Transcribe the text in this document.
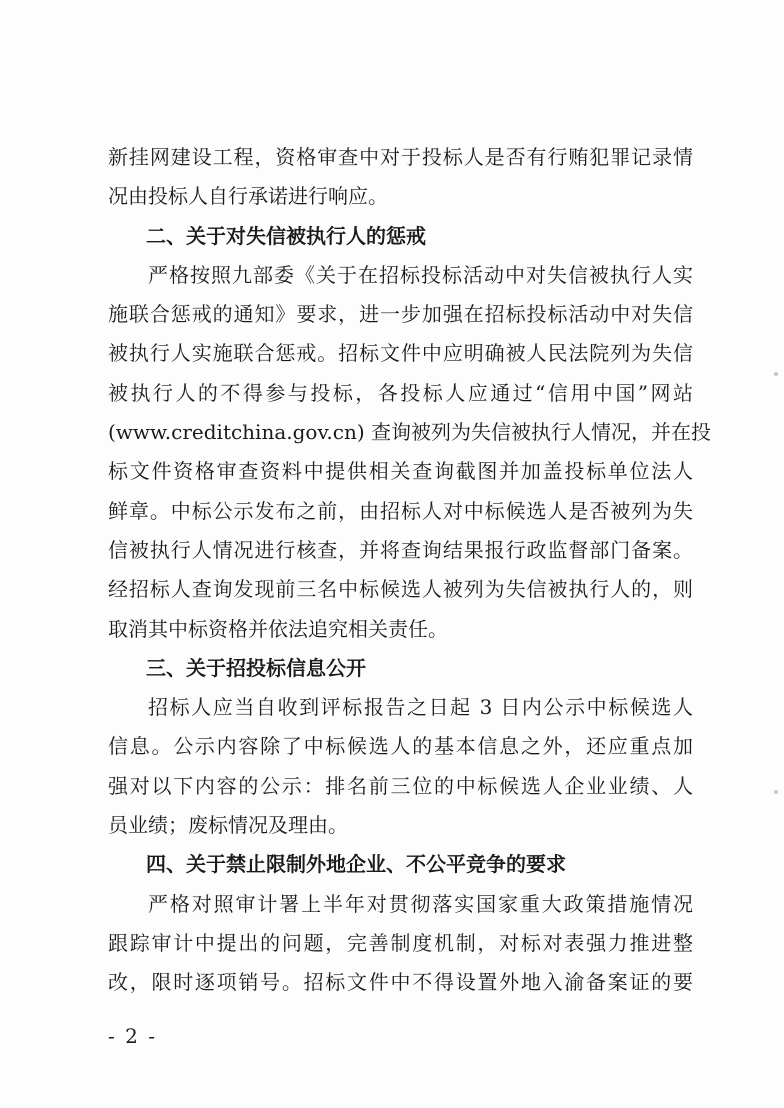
新挂网建设工程，资格审查中对于投标人是否有行贿犯罪记录情
况由投标人自行承诺进行响应。
二、关于对失信被执行人的惩戒
严格按照九部委《关于在招标投标活动中对失信被执行人实
施联合惩戒的通知》要求，进一步加强在招标投标活动中对失信
被执行人实施联合惩戒。招标文件中应明确被人民法院列为失信
被执行人的不得参与投标，各投标人应通过“信用中国”网站
(www.creditchina.gov.cn) 查询被列为失信被执行人情况，并在投
标文件资格审查资料中提供相关查询截图并加盖投标单位法人
鲜章。中标公示发布之前，由招标人对中标候选人是否被列为失
信被执行人情况进行核查，并将查询结果报行政监督部门备案。
经招标人查询发现前三名中标候选人被列为失信被执行人的，则
取消其中标资格并依法追究相关责任。
三、关于招投标信息公开
招标人应当自收到评标报告之日起 3 日内公示中标候选人
信息。公示内容除了中标候选人的基本信息之外，还应重点加
强对以下内容的公示：排名前三位的中标候选人企业业绩、人
员业绩；废标情况及理由。
四、关于禁止限制外地企业、不公平竞争的要求
严格对照审计署上半年对贯彻落实国家重大政策措施情况
跟踪审计中提出的问题，完善制度机制，对标对表强力推进整
改，限时逐项销号。招标文件中不得设置外地入渝备案证的要
- 2 -
